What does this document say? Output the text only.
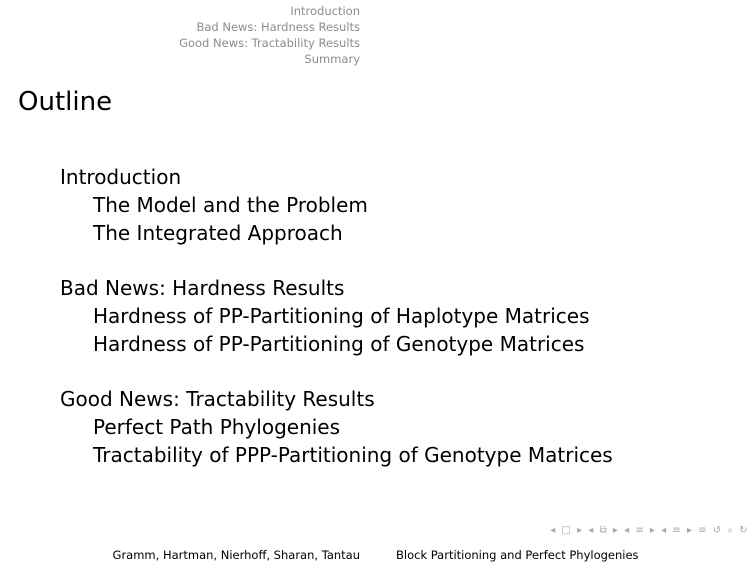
Introduction
Bad News: Hardness Results
Good News: Tractability Results
Summary
Outline
Introduction
The Model and the Problem
The Integrated Approach
Bad News: Hardness Results
Hardness of PP-Partitioning of Haplotype Matrices
Hardness of PP-Partitioning of Genotype Matrices
Good News: Tractability Results
Perfect Path Phylogenies
Tractability of PPP-Partitioning of Genotype Matrices
◂ □ ▸ ◂ ⧉ ▸ ◂ ≡ ▸ ◂ ≡ ▸ ≡ ↺ ⌕ ↻
Gramm, Hartman, Nierhoff, Sharan, Tantau	Block Partitioning and Perfect Phylogenies
